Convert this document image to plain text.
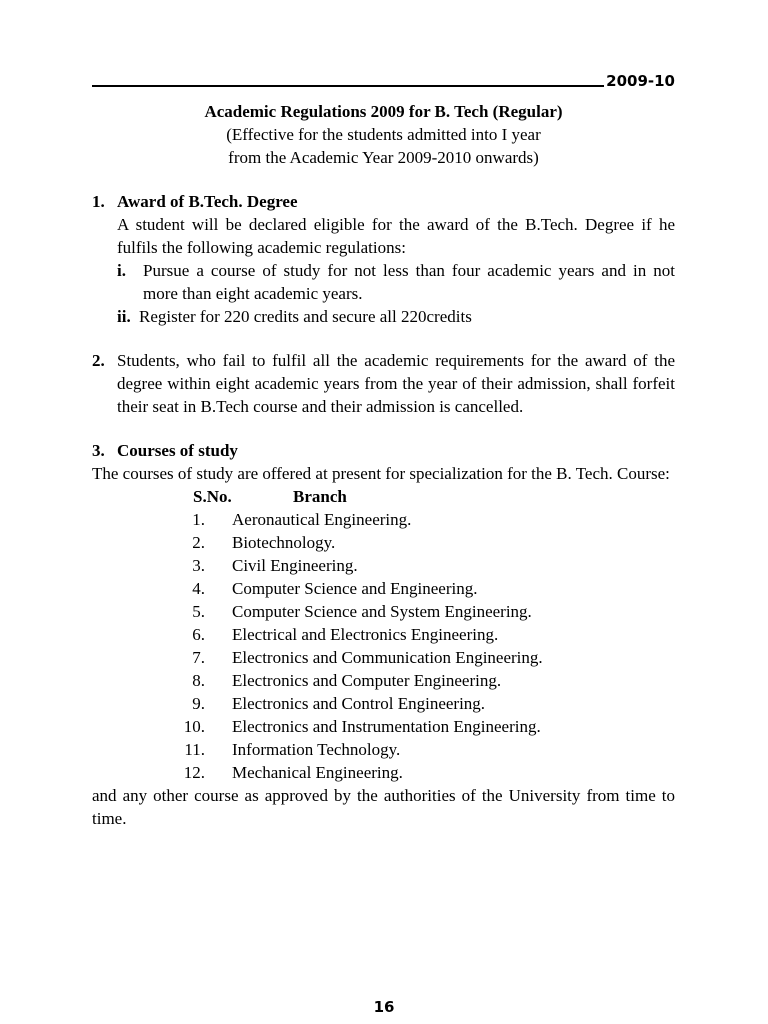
2009-10
Academic Regulations 2009 for B. Tech (Regular)
(Effective for the students admitted into I year
from the Academic Year 2009-2010 onwards)
1. Award of B.Tech. Degree
A student will be declared eligible for the award of the B.Tech. Degree if he fulfils the following academic regulations:
i.	Pursue a course of study for not less than four academic years and in not more than eight academic years.
ii. Register for 220 credits and secure all 220credits
2. Students, who fail to fulfil all the academic requirements for the award of the degree within eight academic years from the year of their admission, shall forfeit their seat in B.Tech course and their admission is cancelled.
3. Courses of study
The courses of study are offered at present for specialization for the B. Tech. Course:
S.No.	Branch
1.	Aeronautical Engineering.
2.	Biotechnology.
3.	Civil Engineering.
4.	Computer Science and Engineering.
5.	Computer Science and System Engineering.
6.	Electrical and Electronics Engineering.
7.	Electronics and Communication Engineering.
8.	Electronics and Computer Engineering.
9.	Electronics and Control Engineering.
10.	Electronics and Instrumentation Engineering.
11.	Information Technology.
12.	Mechanical Engineering.
and any other course as approved by the authorities of the University from time to time.
16
